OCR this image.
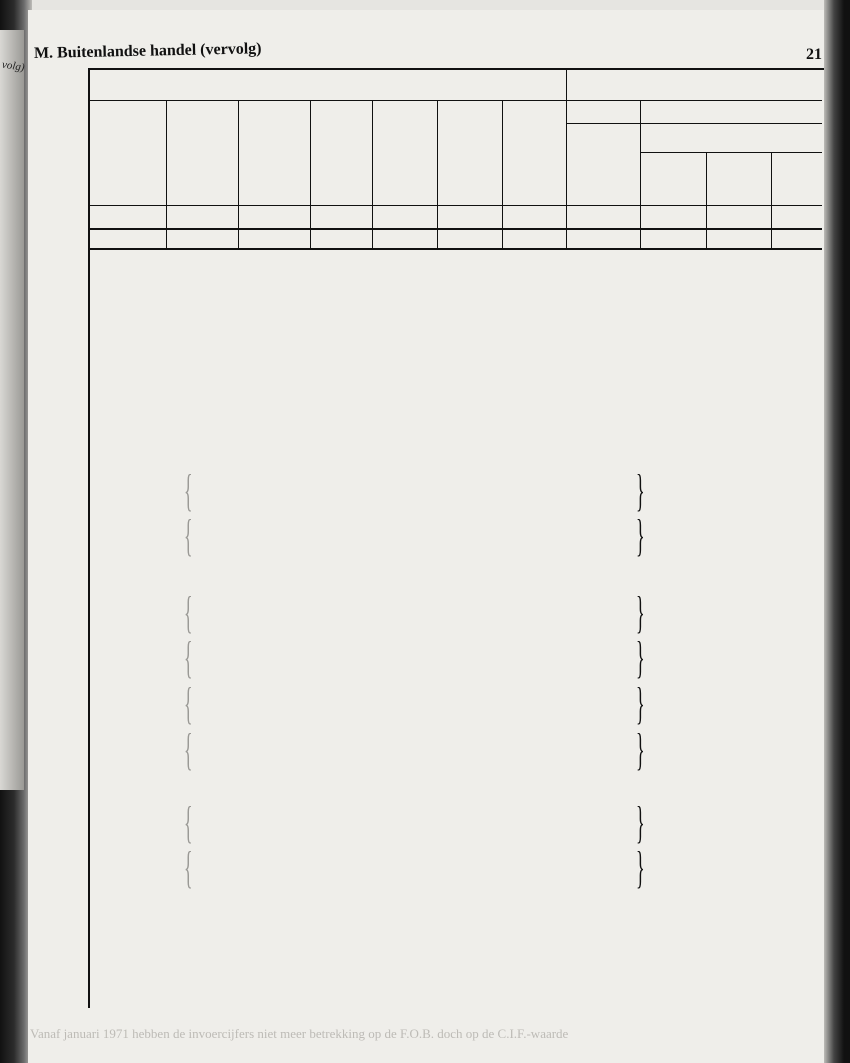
volg)
M. Buitenlandse handel (vervolg)	21
}
{
}
{
}
{
}
{
}
{
}
{
}
{
}
{
Vanaf januari 1971 hebben de invoercijfers niet meer betrekking op de F.O.B. doch op de C.I.F.-waarde
